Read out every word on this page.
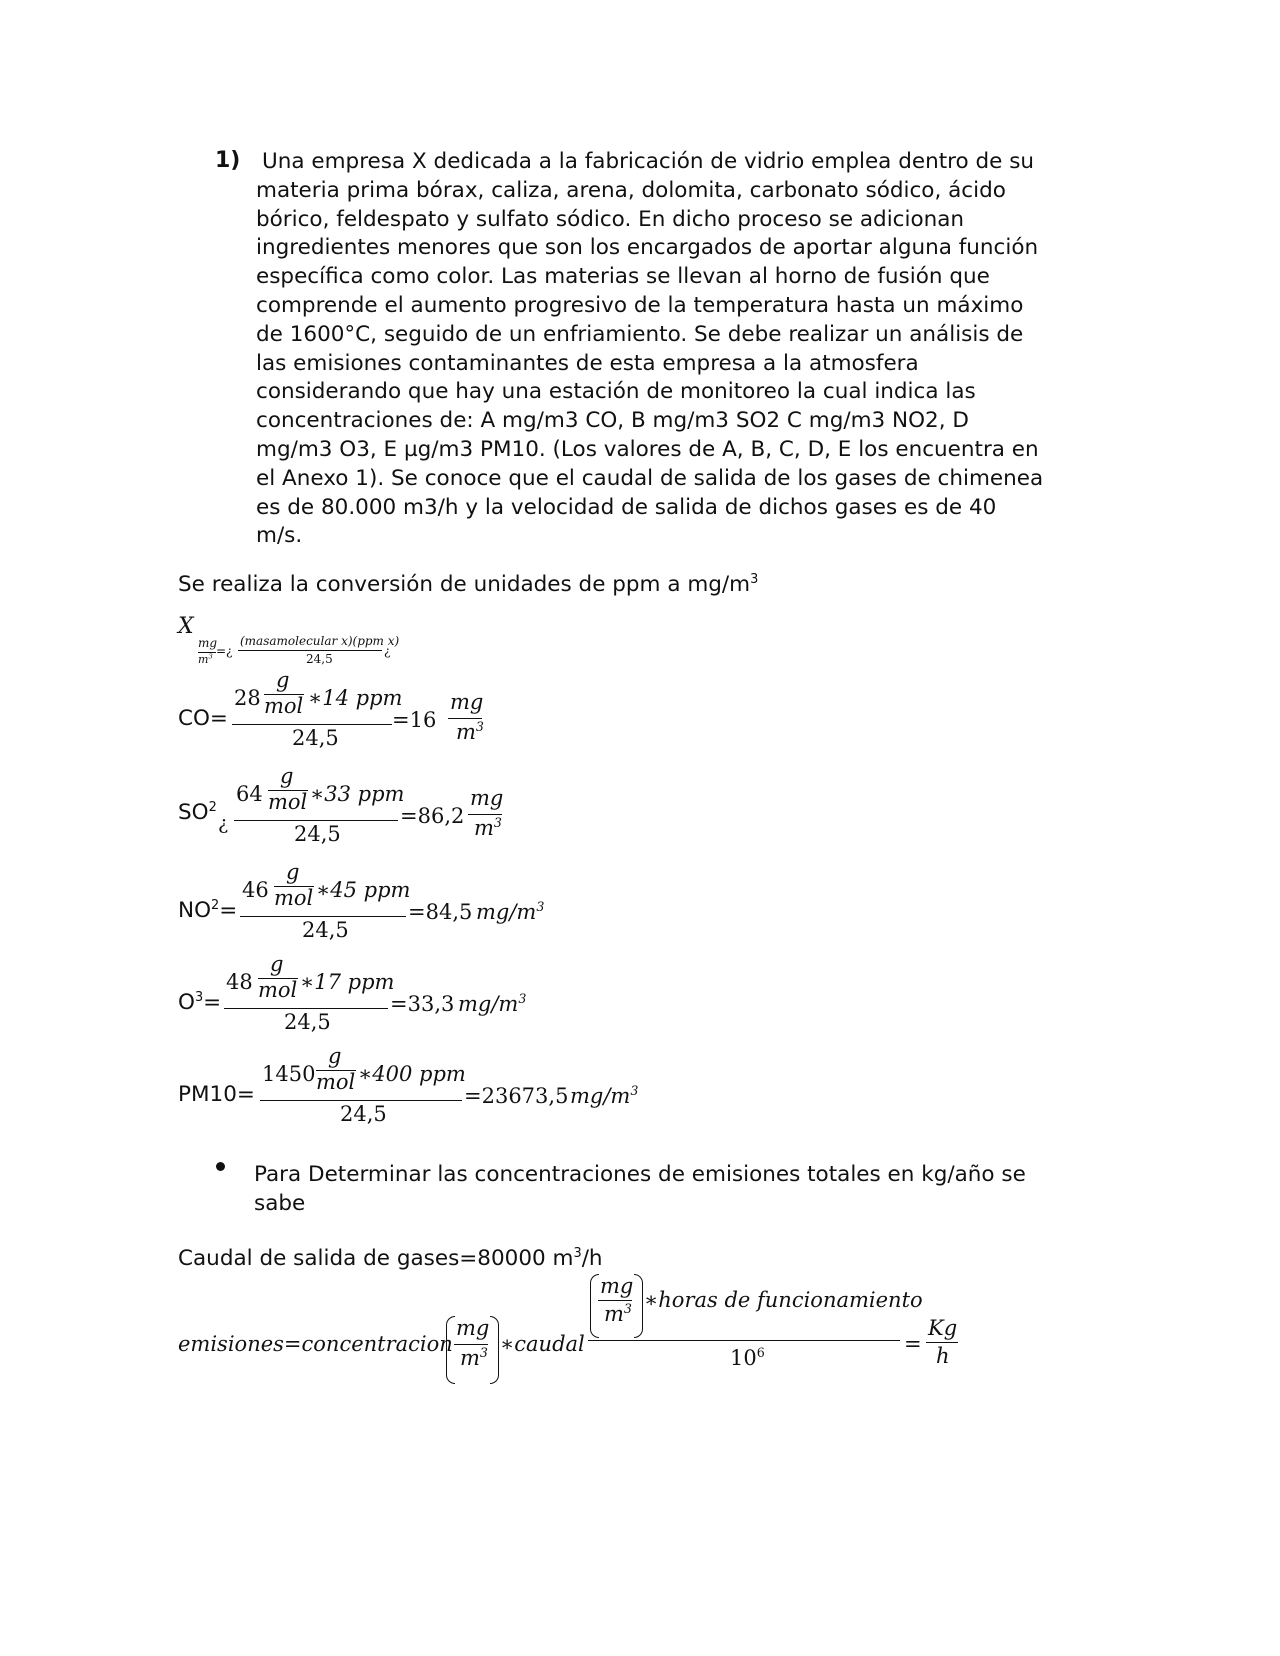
1) Una empresa X dedicada a la fabricación de vidrio emplea dentro de su
materia prima bórax, caliza, arena, dolomita, carbonato sódico, ácido
bórico, feldespato y sulfato sódico. En dicho proceso se adicionan
ingredientes menores que son los encargados de aportar alguna función
específica como color. Las materias se llevan al horno de fusión que
comprende el aumento progresivo de la temperatura hasta un máximo
de 1600°C, seguido de un enfriamiento. Se debe realizar un análisis de
las emisiones contaminantes de esta empresa a la atmosfera
considerando que hay una estación de monitoreo la cual indica las
concentraciones de: A mg/m3 CO, B mg/m3 SO2 C mg/m3 NO2, D
mg/m3 O3, E µg/m3 PM10. (Los valores de A, B, C, D, E los encuentra en
el Anexo 1). Se conoce que el caudal de salida de los gases de chimenea
es de 80.000 m3/h y la velocidad de salida de dichos gases es de 40
m/s.
Se realiza la conversión de unidades de ppm a $mg/m^3$
X
mg
$m^3$ =¿
(masamolecular x)(ppm x)
24,5
¿
CO=
28
g
mol ∗14 ppm
24,5
=16
mg
$m^3$
$SO^2$
¿
64
g
mol ∗33 ppm
24,5
=86,2
mg
$m^3$
$NO^2=$
46
g
mol ∗45 ppm
24,5
=84,5 $mg/m^3$
$O^3=$
48
g
mol ∗17 ppm
24,5
=33,3 $mg/m^3$
PM10=
1450
g
mol ∗400 ppm
24,5
=23673,5 $mg/m^3$
Para Determinar las concentraciones de emisiones totales en kg/año se
sabe
Caudal de salida de gases=80000 $m^3/h$
emisiones=concentracion
mg
$m^3$ ∗caudal
mg
$m^3$ ∗horas de funcionamiento
$10^6$	=
Kg
h
